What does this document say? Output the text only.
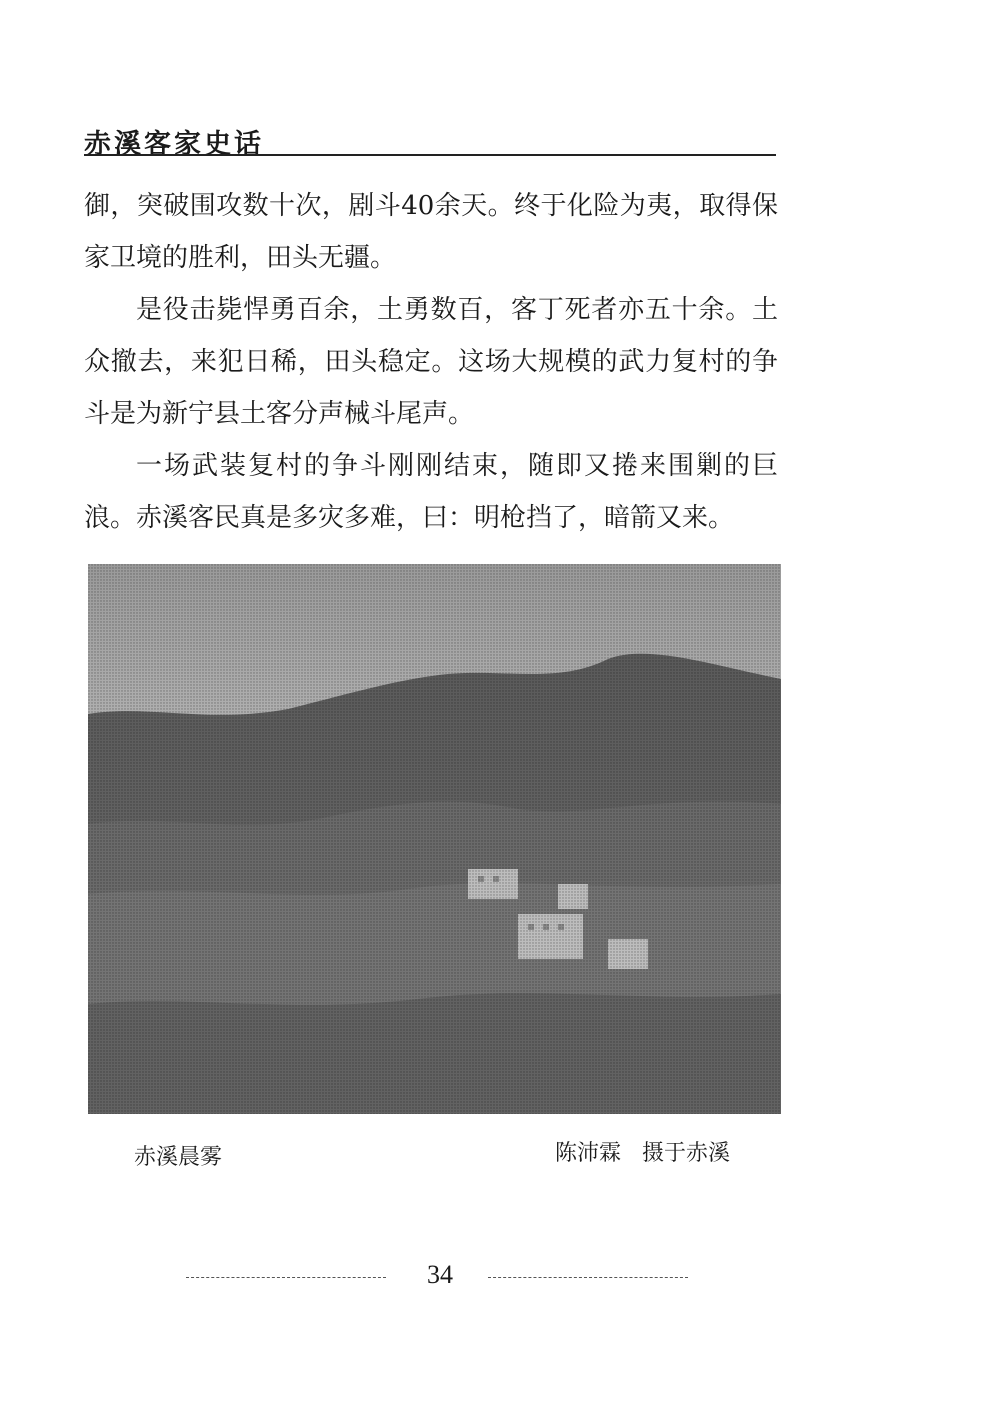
赤溪客家史话

御，突破围攻数十次，剧斗40余天。终于化险为夷，取得保家卫境的胜利，田头无疆。

是役击毙悍勇百余，土勇数百，客丁死者亦五十余。土众撤去，来犯日稀，田头稳定。这场大规模的武力复村的争斗是为新宁县土客分声械斗尾声。

一场武装复村的争斗刚刚结束，随即又捲来围剿的巨浪。赤溪客民真是多灾多难，曰：明枪挡了，暗箭又来。

赤溪晨雾	陈沛霖   摄于赤溪
34
